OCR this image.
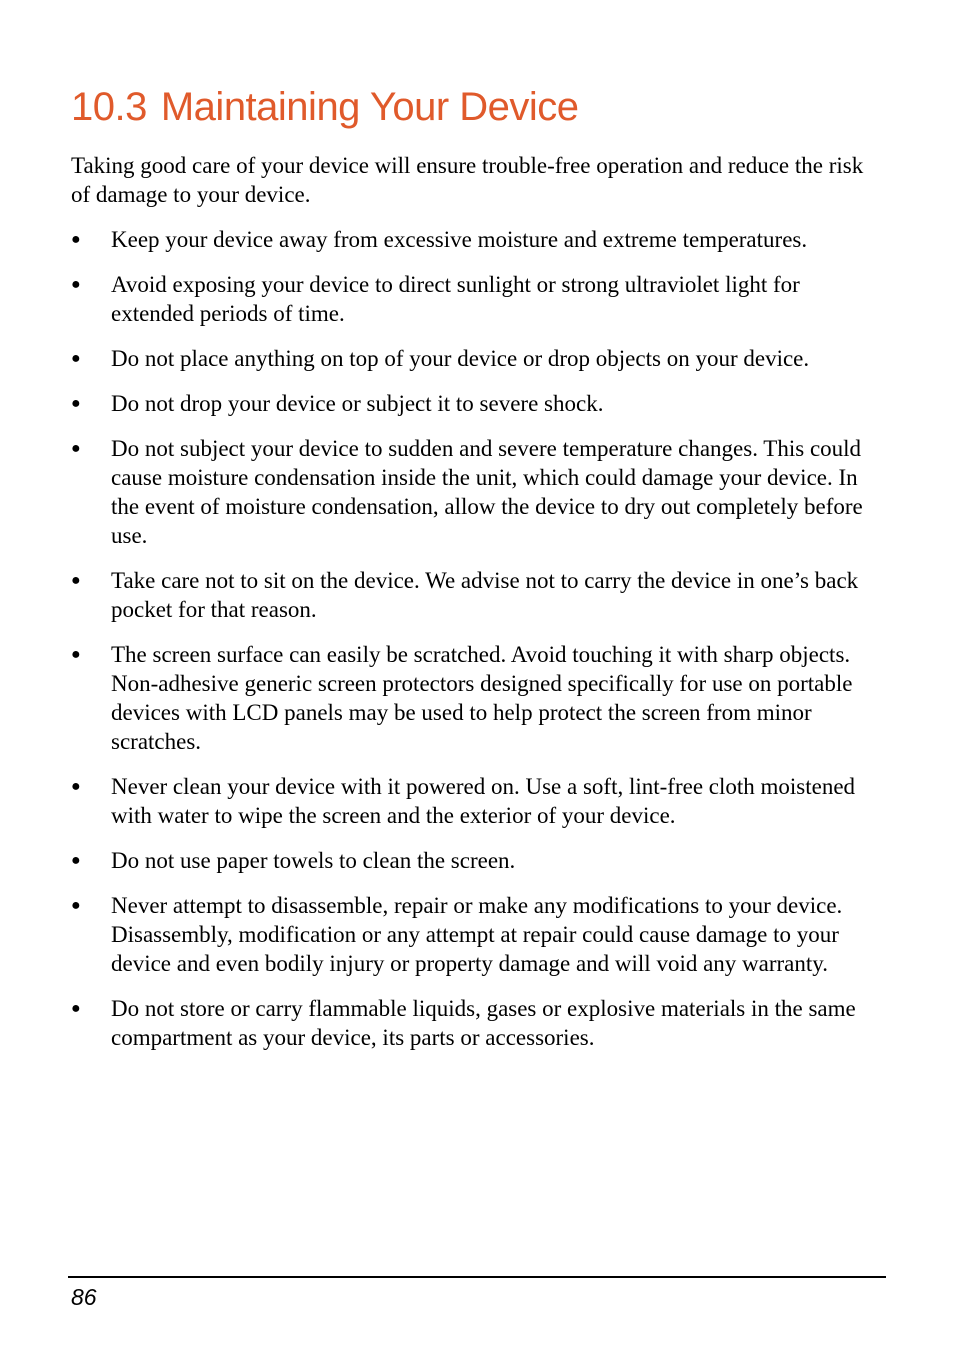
10.3 Maintaining Your Device

Taking good care of your device will ensure trouble-free operation and reduce the risk of damage to your device.

● Keep your device away from excessive moisture and extreme temperatures.
● Avoid exposing your device to direct sunlight or strong ultraviolet light for extended periods of time.
● Do not place anything on top of your device or drop objects on your device.
● Do not drop your device or subject it to severe shock.
● Do not subject your device to sudden and severe temperature changes. This could cause moisture condensation inside the unit, which could damage your device. In the event of moisture condensation, allow the device to dry out completely before use.
● Take care not to sit on the device. We advise not to carry the device in one’s back pocket for that reason.
● The screen surface can easily be scratched. Avoid touching it with sharp objects. Non-adhesive generic screen protectors designed specifically for use on portable devices with LCD panels may be used to help protect the screen from minor scratches.
● Never clean your device with it powered on. Use a soft, lint-free cloth moistened with water to wipe the screen and the exterior of your device.
● Do not use paper towels to clean the screen.
● Never attempt to disassemble, repair or make any modifications to your device. Disassembly, modification or any attempt at repair could cause damage to your device and even bodily injury or property damage and will void any warranty.
● Do not store or carry flammable liquids, gases or explosive materials in the same compartment as your device, its parts or accessories.
86
